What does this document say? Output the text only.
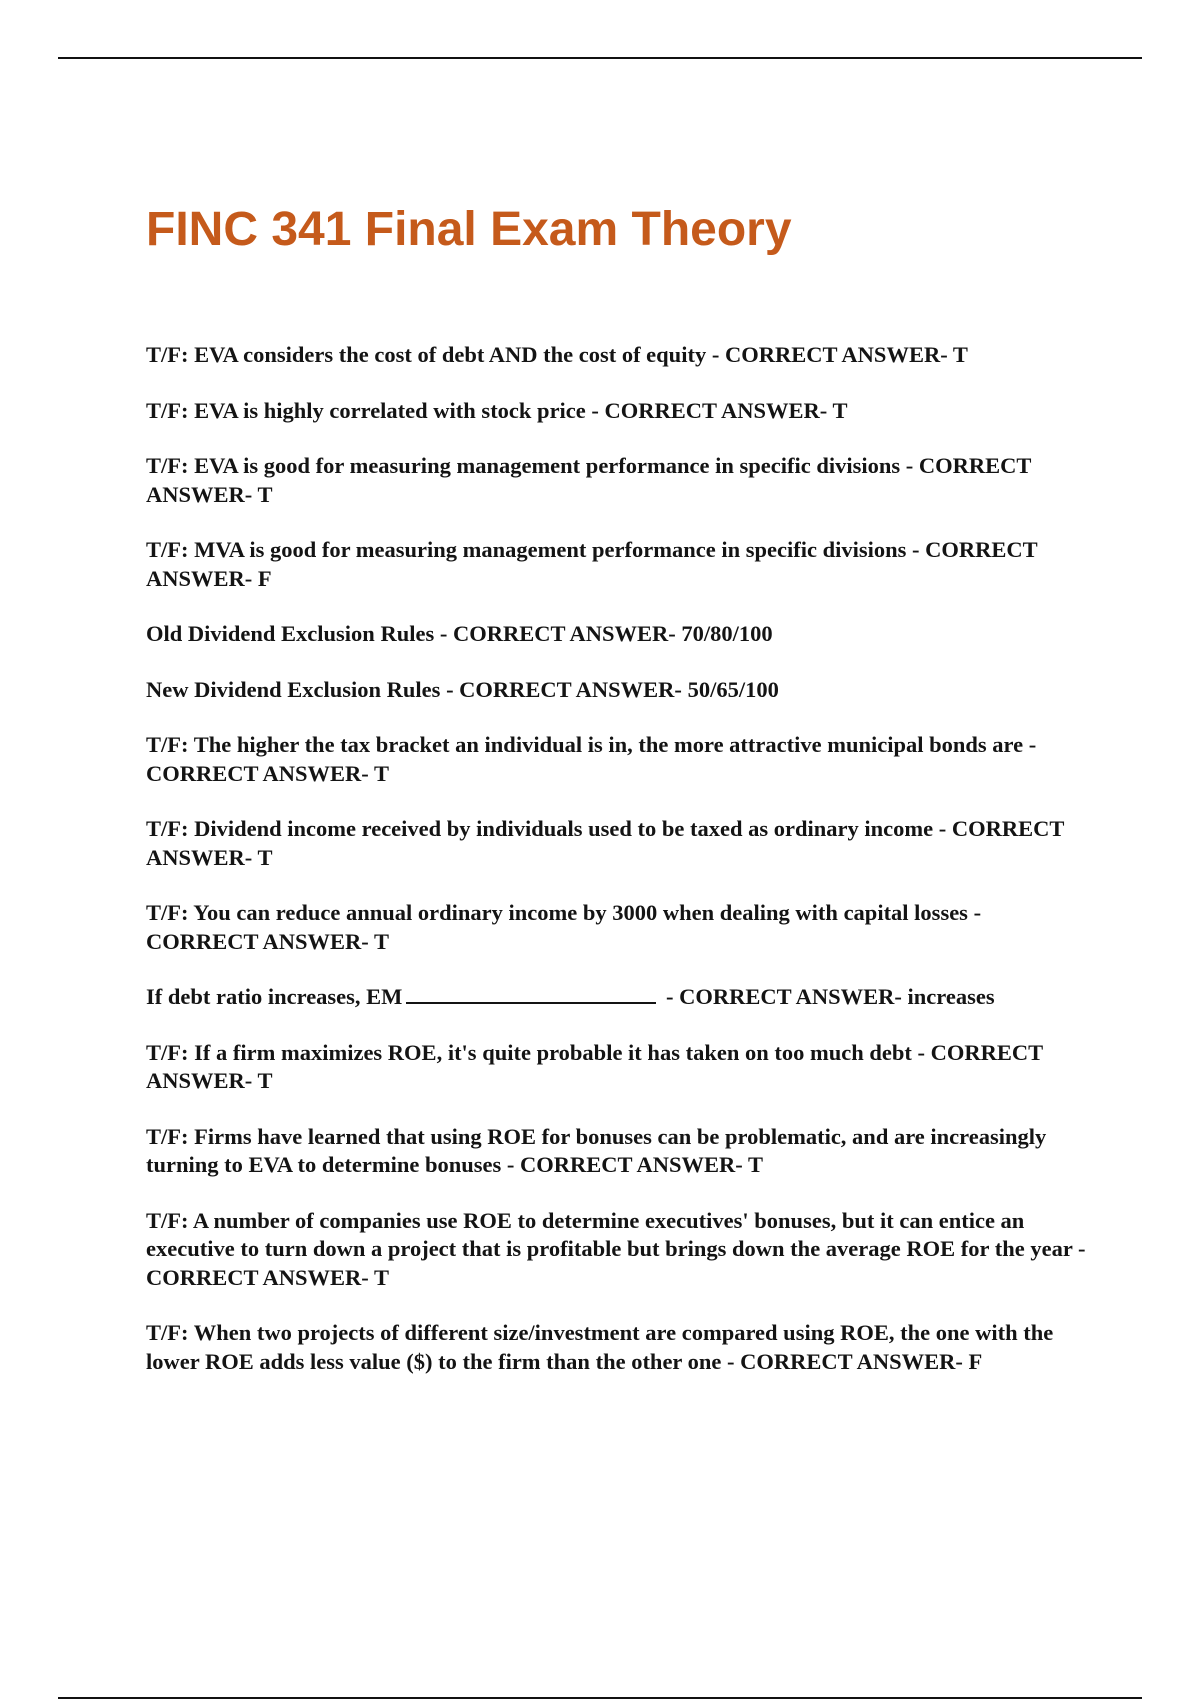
FINC 341 Final Exam Theory
T/F: EVA considers the cost of debt AND the cost of equity - CORRECT ANSWER- T
T/F: EVA is highly correlated with stock price - CORRECT ANSWER- T
T/F: EVA is good for measuring management performance in specific divisions - CORRECT ANSWER- T
T/F: MVA is good for measuring management performance in specific divisions - CORRECT ANSWER- F
Old Dividend Exclusion Rules - CORRECT ANSWER- 70/80/100
New Dividend Exclusion Rules - CORRECT ANSWER- 50/65/100
T/F: The higher the tax bracket an individual is in, the more attractive municipal bonds are - CORRECT ANSWER- T
T/F: Dividend income received by individuals used to be taxed as ordinary income - CORRECT ANSWER- T
T/F: You can reduce annual ordinary income by 3000 when dealing with capital losses - CORRECT ANSWER- T
If debt ratio increases, EM	- CORRECT ANSWER- increases
T/F: If a firm maximizes ROE, it's quite probable it has taken on too much debt - CORRECT ANSWER- T
T/F: Firms have learned that using ROE for bonuses can be problematic, and are increasingly turning to EVA to determine bonuses - CORRECT ANSWER- T
T/F: A number of companies use ROE to determine executives' bonuses, but it can entice an executive to turn down a project that is profitable but brings down the average ROE for the year - CORRECT ANSWER- T
T/F: When two projects of different size/investment are compared using ROE, the one with the lower ROE adds less value ($) to the firm than the other one - CORRECT ANSWER- F
